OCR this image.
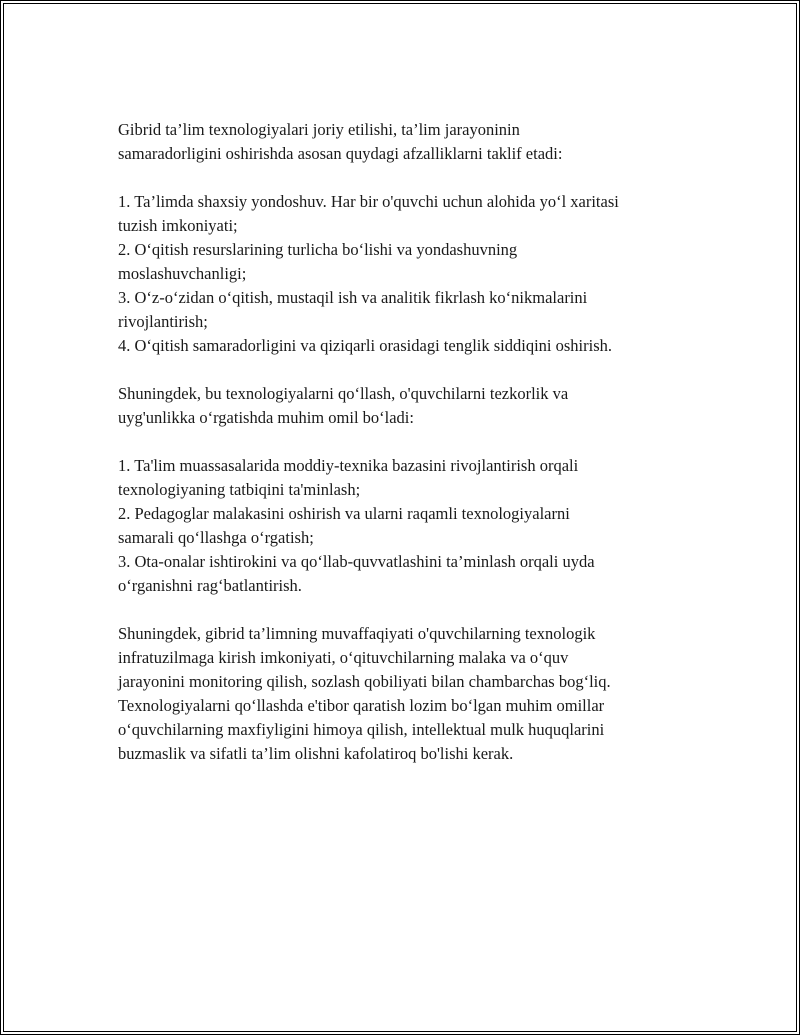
Gibrid ta’lim texnologiyalari joriy etilishi, ta’lim jarayoninin
samaradorligini oshirishda asosan quydagi afzalliklarni taklif etadi:
1. Ta’limda shaxsiy yondoshuv. Har bir o'quvchi uchun alohida yo‘l xaritasi
tuzish imkoniyati;
2. O‘qitish resurslarining turlicha bo‘lishi va yondashuvning
moslashuvchanligi;
3. O‘z-o‘zidan o‘qitish, mustaqil ish va analitik fikrlash ko‘nikmalarini
rivojlantirish;
4. O‘qitish samaradorligini va qiziqarli orasidagi tenglik siddiqini oshirish.
Shuningdek, bu texnologiyalarni qo‘llash, o'quvchilarni tezkorlik va
uyg'unlikka o‘rgatishda muhim omil bo‘ladi:
1. Ta'lim muassasalarida moddiy-texnika bazasini rivojlantirish orqali
texnologiyaning tatbiqini ta'minlash;
2. Pedagoglar malakasini oshirish va ularni raqamli texnologiyalarni
samarali qo‘llashga o‘rgatish;
3. Ota-onalar ishtirokini va qo‘llab-quvvatlashini ta’minlash orqali uyda
o‘rganishni rag‘batlantirish.
Shuningdek, gibrid ta’limning muvaffaqiyati o'quvchilarning texnologik
infratuzilmaga kirish imkoniyati, o‘qituvchilarning malaka va o‘quv
jarayonini monitoring qilish, sozlash qobiliyati bilan chambarchas bog‘liq.
Texnologiyalarni qo‘llashda e'tibor qaratish lozim bo‘lgan muhim omillar
o‘quvchilarning maxfiyligini himoya qilish, intellektual mulk huquqlarini
buzmaslik va sifatli ta’lim olishni kafolatiroq bo'lishi kerak.
